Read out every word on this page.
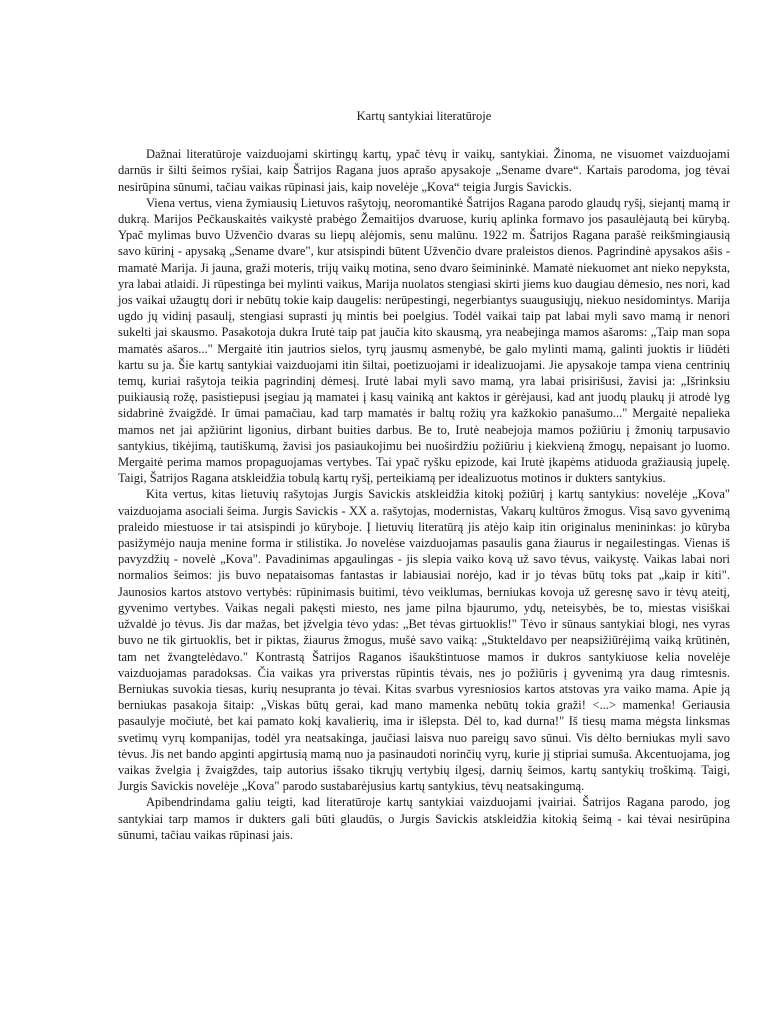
Kartų santykiai literatūroje

Dažnai literatūroje vaizduojami skirtingų kartų, ypač tėvų ir vaikų, santykiai. Žinoma, ne visuomet vaizduojami darnūs ir šilti šeimos ryšiai, kaip Šatrijos Ragana juos aprašo apysakoje „Sename dvare“. Kartais parodoma, jog tėvai nesirūpina sūnumi, tačiau vaikas rūpinasi jais, kaip novelėje „Kova“ teigia Jurgis Savickis.

Viena vertus, viena žymiausių Lietuvos rašytojų, neoromantikė Šatrijos Ragana parodo glaudų ryšį, siejantį mamą ir dukrą. Marijos Pečkauskaitės vaikystė prabėgo Žemaitijos dvaruose, kurių aplinka formavo jos pasaulėjautą bei kūrybą. Ypač mylimas buvo Užvenčio dvaras su liepų alėjomis, senu malūnu. 1922 m. Šatrijos Ragana parašė reikšmingiausią savo kūrinį - apysaką „Sename dvare", kur atsispindi būtent Užvenčio dvare praleistos dienos. Pagrindinė apysakos ašis - mamatė Marija. Ji jauna, graži moteris, trijų vaikų motina, seno dvaro šeimininkė. Mamatė niekuomet ant nieko nepyksta, yra labai atlaidi. Ji rūpestinga bei mylinti vaikus, Marija nuolatos stengiasi skirti jiems kuo daugiau dėmesio, nes nori, kad jos vaikai užaugtų dori ir nebūtų tokie kaip daugelis: nerūpestingi, negerbiantys suaugusiųjų, niekuo nesidomintys. Marija ugdo jų vidinį pasaulį, stengiasi suprasti jų mintis bei poelgius. Todėl vaikai taip pat labai myli savo mamą ir nenori sukelti jai skausmo. Pasakotoja dukra Irutė taip pat jaučia kito skausmą, yra neabejinga mamos ašaroms: „Taip man sopa mamatės ašaros..." Mergaitė itin jautrios sielos, tyrų jausmų asmenybė, be galo mylinti mamą, galinti juoktis ir liūdėti kartu su ja. Šie kartų santykiai vaizduojami itin šiltai, poetizuojami ir idealizuojami. Jie apysakoje tampa viena centrinių temų, kuriai rašytoja teikia pagrindinį dėmesį. Irutė labai myli savo mamą, yra labai prisirišusi, žavisi ja: „Išrinksiu puikiausią rožę, pasistiepusi įsegiau ją mamatei į kasų vainiką ant kaktos ir gėrėjausi, kad ant juodų plaukų ji atrodė lyg sidabrinė žvaigždė. Ir ūmai pamačiau, kad tarp mamatės ir baltų rožių yra kažkokio panašumo..." Mergaitė nepalieka mamos net jai apžiūrint ligonius, dirbant buities darbus. Be to, Irutė neabejoja mamos požiūriu į žmonių tarpusavio santykius, tikėjimą, tautiškumą, žavisi jos pasiaukojimu bei nuoširdžiu požiūriu į kiekvieną žmogų, nepaisant jo luomo. Mergaitė perima mamos propaguojamas vertybes. Tai ypač ryšku epizode, kai Irutė įkapėms atiduoda gražiausią jupelę. Taigi, Šatrijos Ragana atskleidžia tobulą kartų ryšį, perteikiamą per idealizuotus motinos ir dukters santykius.

Kita vertus, kitas lietuvių rašytojas Jurgis Savickis atskleidžia kitokį požiūrį į kartų santykius: novelėje „Kova" vaizduojama asociali šeima. Jurgis Savickis - XX a. rašytojas, modernistas, Vakarų kultūros žmogus. Visą savo gyvenimą praleido miestuose ir tai atsispindi jo kūryboje. Į lietuvių literatūrą jis atėjo kaip itin originalus menininkas: jo kūryba pasižymėjo nauja menine forma ir stilistika. Jo novelėse vaizduojamas pasaulis gana žiaurus ir negailestingas. Vienas iš pavyzdžių - novelė „Kova". Pavadinimas apgaulingas - jis slepia vaiko kovą už savo tėvus, vaikystę. Vaikas labai nori normalios šeimos: jis buvo nepataisomas fantastas ir labiausiai norėjo, kad ir jo tėvas būtų toks pat „kaip ir kiti". Jaunosios kartos atstovo vertybės: rūpinimasis buitimi, tėvo veiklumas, berniukas kovoja už geresnę savo ir tėvų ateitį, gyvenimo vertybes. Vaikas negali pakęsti miesto, nes jame pilna bjaurumo, ydų, neteisybės, be to, miestas visiškai užvaldė jo tėvus. Jis dar mažas, bet įžvelgia tėvo ydas: „Bet tėvas girtuoklis!" Tėvo ir sūnaus santykiai blogi, nes vyras buvo ne tik girtuoklis, bet ir piktas, žiaurus žmogus, mušė savo vaiką: „Stukteldavo per neapsižiūrėjimą vaiką krūtinėn, tam net žvangtelėdavo." Kontrastą Šatrijos Raganos išaukštintuose mamos ir dukros santykiuose kelia novelėje vaizduojamas paradoksas. Čia vaikas yra priverstas rūpintis tėvais, nes jo požiūris į gyvenimą yra daug rimtesnis. Berniukas suvokia tiesas, kurių nesupranta jo tėvai. Kitas svarbus vyresniosios kartos atstovas yra vaiko mama. Apie ją berniukas pasakoja šitaip: „Viskas būtų gerai, kad mano mamenka nebūtų tokia graži! <...> mamenka! Geriausia pasaulyje močiutė, bet kai pamato kokį kavalierių, ima ir išlepsta. Dėl to, kad durna!" Iš tiesų mama mėgsta linksmas svetimų vyrų kompanijas, todėl yra neatsakinga, jaučiasi laisva nuo pareigų savo sūnui. Vis dėlto berniukas myli savo tėvus. Jis net bando apginti apgirtusią mamą nuo ja pasinaudoti norinčių vyrų, kurie jį stipriai sumuša. Akcentuojama, jog vaikas žvelgia į žvaigždes, taip autorius išsako tikrųjų vertybių ilgesį, darnių šeimos, kartų santykių troškimą. Taigi, Jurgis Savickis novelėje „Kova" parodo sustabarėjusius kartų santykius, tėvų neatsakingumą.

Apibendrindama galiu teigti, kad literatūroje kartų santykiai vaizduojami įvairiai. Šatrijos Ragana parodo, jog santykiai tarp mamos ir dukters gali būti glaudūs, o Jurgis Savickis atskleidžia kitokią šeimą - kai tėvai nesirūpina sūnumi, tačiau vaikas rūpinasi jais.
